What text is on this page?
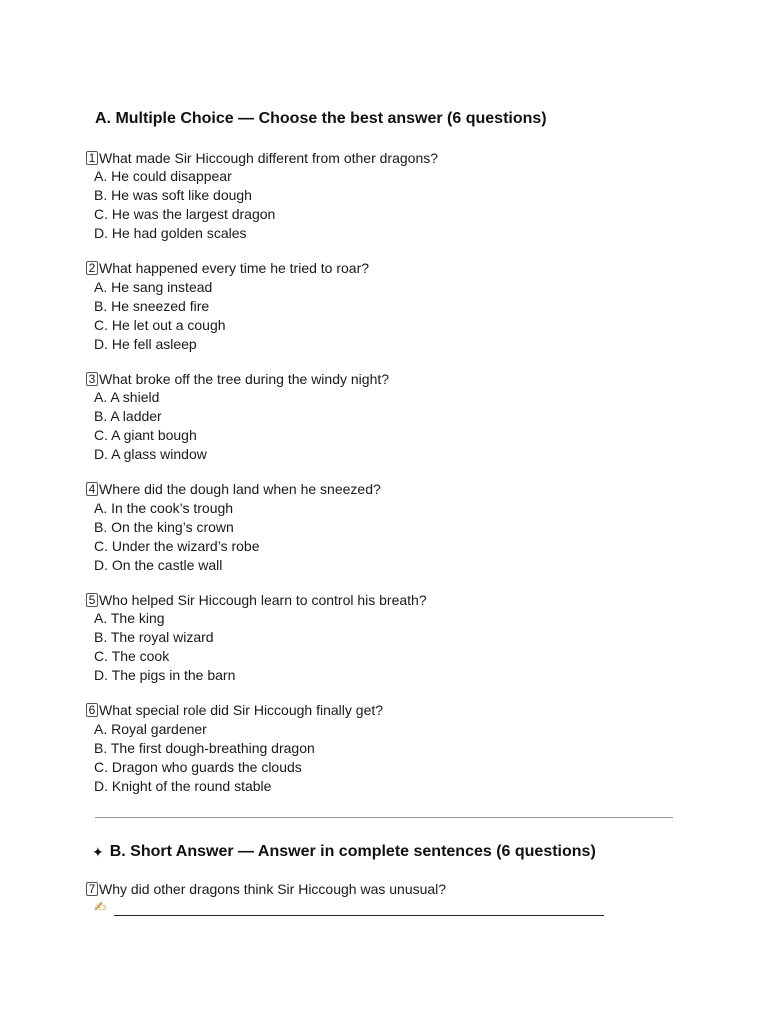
A. Multiple Choice — Choose the best answer (6 questions)
1 What made Sir Hiccough different from other dragons?
A. He could disappear
B. He was soft like dough
C. He was the largest dragon
D. He had golden scales
2 What happened every time he tried to roar?
A. He sang instead
B. He sneezed fire
C. He let out a cough
D. He fell asleep
3 What broke off the tree during the windy night?
A. A shield
B. A ladder
C. A giant bough
D. A glass window
4 Where did the dough land when he sneezed?
A. In the cook’s trough
B. On the king’s crown
C. Under the wizard’s robe
D. On the castle wall
5 Who helped Sir Hiccough learn to control his breath?
A. The king
B. The royal wizard
C. The cook
D. The pigs in the barn
6 What special role did Sir Hiccough finally get?
A. Royal gardener
B. The first dough-breathing dragon
C. Dragon who guards the clouds
D. Knight of the round stable
✦ B. Short Answer — Answer in complete sentences (6 questions)
7 Why did other dragons think Sir Hiccough was unusual?
✍
